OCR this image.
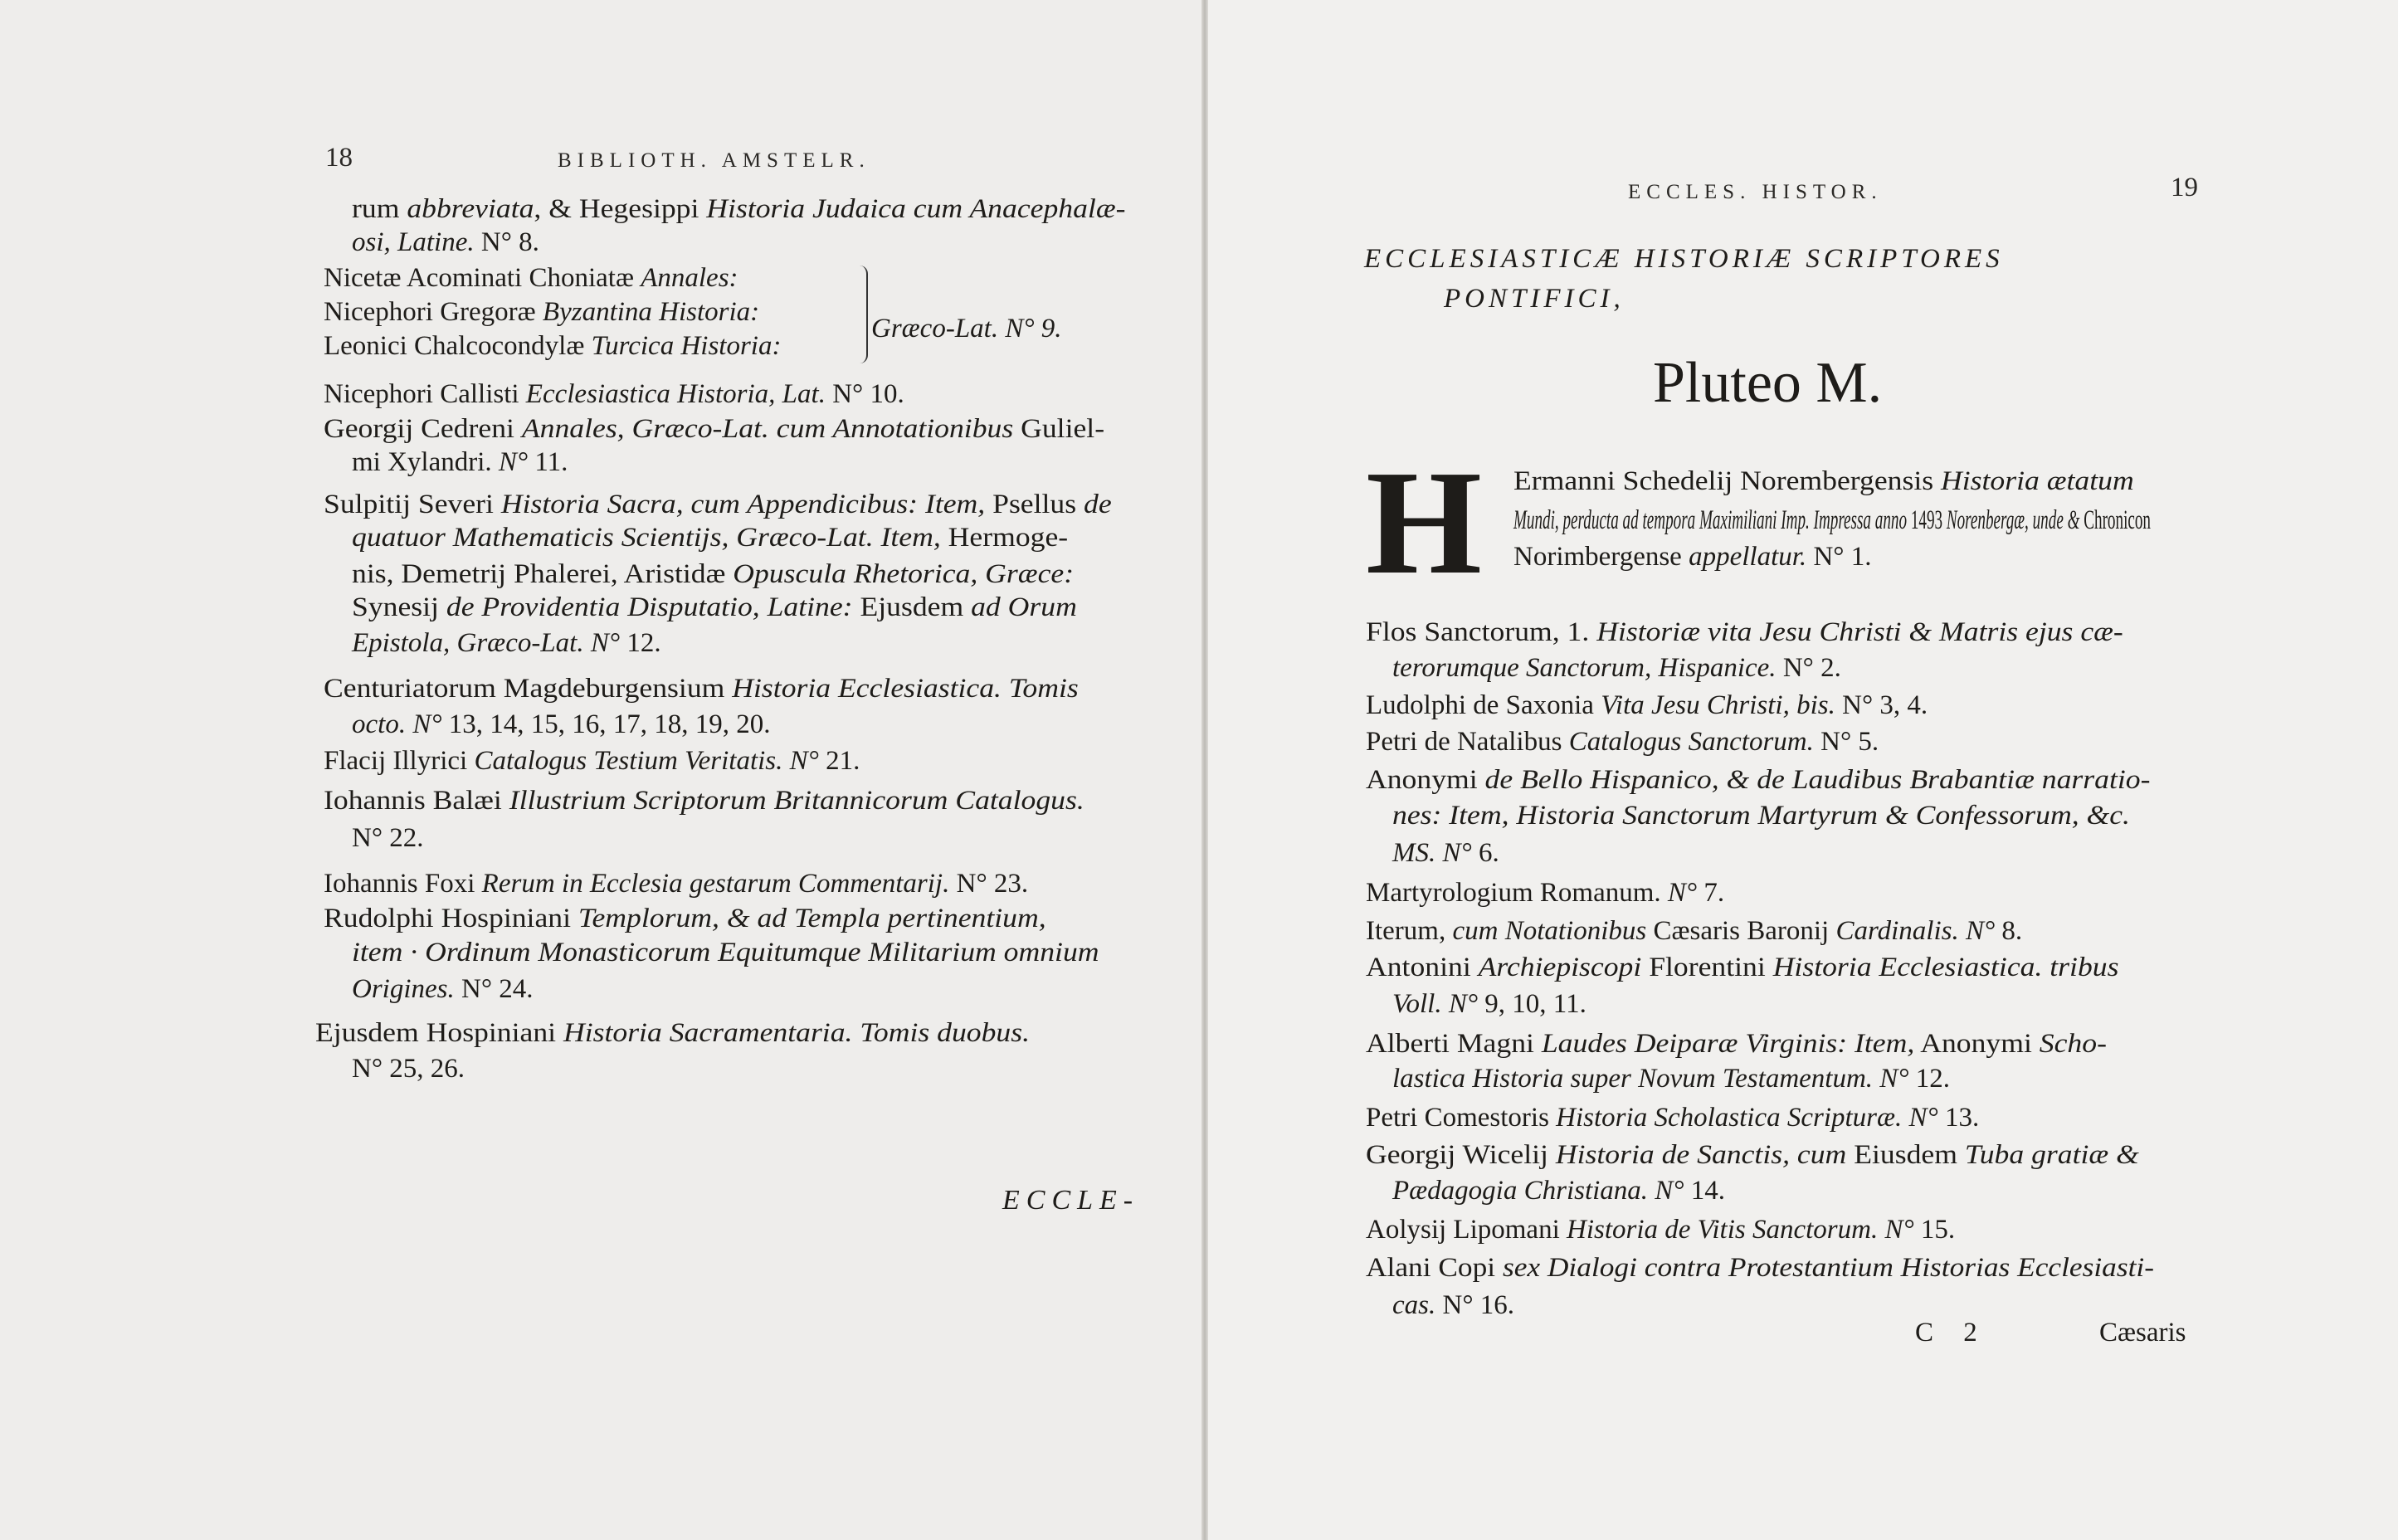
18	BIBLIOTH. AMSTELR.
rum abbreviata, & Hegesippi Historia Judaica cum Anacephalæ-
osi, Latine. N° 8.
Nicetæ Acominati Choniatæ Annales:
Nicephori Gregoræ Byzantina Historia:
Leonici Chalcocondylæ Turcica Historia:
Nicephori Callisti Ecclesiastica Historia, Lat. N° 10.
Georgij Cedreni Annales, Græco-Lat. cum Annotationibus Guliel-
mi Xylandri. N° 11.
Sulpitij Severi Historia Sacra, cum Appendicibus: Item, Psellus de
quatuor Mathematicis Scientijs, Græco-Lat. Item, Hermoge-
nis, Demetrij Phalerei, Aristidæ Opuscula Rhetorica, Græce:
Synesij de Providentia Disputatio, Latine: Ejusdem ad Orum
Epistola, Græco-Lat. N° 12.
Centuriatorum Magdeburgensium Historia Ecclesiastica. Tomis
octo. N° 13, 14, 15, 16, 17, 18, 19, 20.
Flacij Illyrici Catalogus Testium Veritatis. N° 21.
Iohannis Balæi Illustrium Scriptorum Britannicorum Catalogus.
N° 22.
Iohannis Foxi Rerum in Ecclesia gestarum Commentarij. N° 23.
Rudolphi Hospiniani Templorum, & ad Templa pertinentium,
item · Ordinum Monasticorum Equitumque Militarium omnium
Origines. N° 24.
Ejusdem Hospiniani Historia Sacramentaria. Tomis duobus.
N° 25, 26.
Græco-Lat. N° 9.
ECCLE-
ECCLES. HISTOR.	19
ECCLESIASTICÆ HISTORIÆ SCRIPTORES
PONTIFICI,
Pluteo M.
H Ermanni Schedelij Norembergensis Historia ætatum
Mundi, perducta ad tempora Maximiliani Imp. Impressa anno 1493 Norenbergæ, unde & Chronicon
Norimbergense appellatur. N° 1.
Flos Sanctorum, 1. Historiæ vita Jesu Christi & Matris ejus cæ-
terorumque Sanctorum, Hispanice. N° 2.
Ludolphi de Saxonia Vita Jesu Christi, bis. N° 3, 4.
Petri de Natalibus Catalogus Sanctorum. N° 5.
Anonymi de Bello Hispanico, & de Laudibus Brabantiæ narratio-
nes: Item, Historia Sanctorum Martyrum & Confessorum, &c.
MS. N° 6.
Martyrologium Romanum. N° 7.
Iterum, cum Notationibus Cæsaris Baronij Cardinalis. N° 8.
Antonini Archiepiscopi Florentini Historia Ecclesiastica. tribus
Voll. N° 9, 10, 11.
Alberti Magni Laudes Deiparæ Virginis: Item, Anonymi Scho-
lastica Historia super Novum Testamentum. N° 12.
Petri Comestoris Historia Scholastica Scripturæ. N° 13.
Georgij Wicelij Historia de Sanctis, cum Eiusdem Tuba gratiæ &
Pædagogia Christiana. N° 14.
Aolysij Lipomani Historia de Vitis Sanctorum. N° 15.
Alani Copi sex Dialogi contra Protestantium Historias Ecclesiasti-
cas. N° 16.
C 2	Cæsaris
